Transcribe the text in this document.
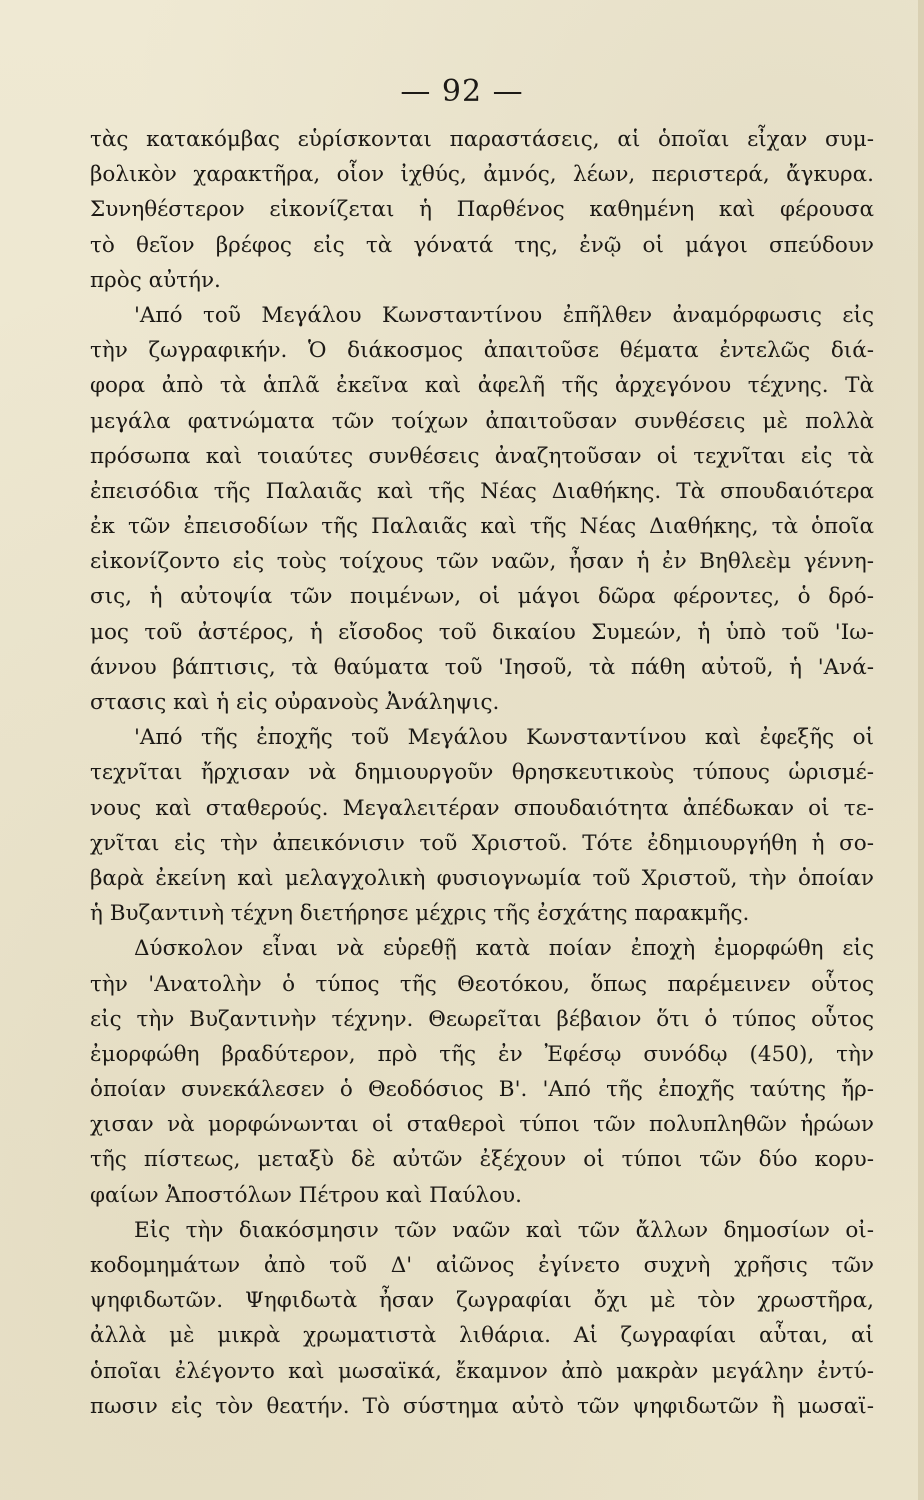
— 92 —
τὰς κατακόμβας εὑρίσκονται παραστάσεις, αἱ ὁποῖαι εἶχαν συμ-
βολικὸν χαρακτῆρα, οἷον ἰχθύς, ἀμνός, λέων, περιστερά, ἄγκυρα.
Συνηθέστερον εἰκονίζεται ἡ Παρθένος καθημένη καὶ φέρουσα
τὸ θεῖον βρέφος εἰς τὰ γόνατά της, ἐνῷ οἱ μάγοι σπεύδουν
πρὸς αὐτήν.
'Από τοῦ Μεγάλου Κωνσταντίνου ἐπῆλθεν ἀναμόρφωσις εἰς
τὴν ζωγραφικήν. Ὁ διάκοσμος ἀπαιτοῦσε θέματα ἐντελῶς διά-
φορα ἀπὸ τὰ ἁπλᾶ ἐκεῖνα καὶ ἀφελῆ τῆς ἀρχεγόνου τέχνης. Τὰ
μεγάλα φατνώματα τῶν τοίχων ἀπαιτοῦσαν συνθέσεις μὲ πολλὰ
πρόσωπα καὶ τοιαύτες συνθέσεις ἀναζητοῦσαν οἱ τεχνῖται εἰς τὰ
ἐπεισόδια τῆς Παλαιᾶς καὶ τῆς Νέας Διαθήκης. Τὰ σπουδαιότερα
ἐκ τῶν ἐπεισοδίων τῆς Παλαιᾶς καὶ τῆς Νέας Διαθήκης, τὰ ὁποῖα
εἰκονίζοντο εἰς τοὺς τοίχους τῶν ναῶν, ἦσαν ἡ ἐν Βηθλεὲμ γέννη-
σις, ἡ αὐτοψία τῶν ποιμένων, οἱ μάγοι δῶρα φέροντες, ὁ δρό-
μος τοῦ ἀστέρος, ἡ εἴσοδος τοῦ δικαίου Συμεών, ἡ ὑπὸ τοῦ 'Ιω-
άννου βάπτισις, τὰ θαύματα τοῦ 'Ιησοῦ, τὰ πάθη αὐτοῦ, ἡ 'Ανά-
στασις καὶ ἡ εἰς οὐρανοὺς Ἀνάληψις.
'Από τῆς ἐποχῆς τοῦ Μεγάλου Κωνσταντίνου καὶ ἐφεξῆς οἱ
τεχνῖται ἤρχισαν νὰ δημιουργοῦν θρησκευτικοὺς τύπους ὡρισμέ-
νους καὶ σταθερούς. Μεγαλειτέραν σπουδαιότητα ἀπέδωκαν οἱ τε-
χνῖται εἰς τὴν ἀπεικόνισιν τοῦ Χριστοῦ. Τότε ἐδημιουργήθη ἡ σο-
βαρὰ ἐκείνη καὶ μελαγχολικὴ φυσιογνωμία τοῦ Χριστοῦ, τὴν ὁποίαν
ἡ Βυζαντινὴ τέχνη διετήρησε μέχρις τῆς ἐσχάτης παρακμῆς.
Δύσκολον εἶναι νὰ εὑρεθῇ κατὰ ποίαν ἐποχὴ ἐμορφώθη εἰς
τὴν 'Ανατολὴν ὁ τύπος τῆς Θεοτόκου, ὅπως παρέμεινεν οὗτος
εἰς τὴν Βυζαντινὴν τέχνην. Θεωρεῖται βέβαιον ὅτι ὁ τύπος οὗτος
ἐμορφώθη βραδύτερον, πρὸ τῆς ἐν Ἐφέσῳ συνόδῳ (450), τὴν
ὁποίαν συνεκάλεσεν ὁ Θεοδόσιος Β'. 'Από τῆς ἐποχῆς ταύτης ἤρ-
χισαν νὰ μορφώνωνται οἱ σταθεροὶ τύποι τῶν πολυπληθῶν ἡρώων
τῆς πίστεως, μεταξὺ δὲ αὐτῶν ἐξέχουν οἱ τύποι τῶν δύο κορυ-
φαίων Ἀποστόλων Πέτρου καὶ Παύλου.
Εἰς τὴν διακόσμησιν τῶν ναῶν καὶ τῶν ἄλλων δημοσίων οἰ-
κοδομημάτων ἀπὸ τοῦ Δ' αἰῶνος ἐγίνετο συχνὴ χρῆσις τῶν
ψηφιδωτῶν. Ψηφιδωτὰ ἦσαν ζωγραφίαι ὄχι μὲ τὸν χρωστῆρα,
ἀλλὰ μὲ μικρὰ χρωματιστὰ λιθάρια. Αἱ ζωγραφίαι αὗται, αἱ
ὁποῖαι ἐλέγοντο καὶ μωσαϊκά, ἔκαμνον ἀπὸ μακρὰν μεγάλην ἐντύ-
πωσιν εἰς τὸν θεατήν. Τὸ σύστημα αὐτὸ τῶν ψηφιδωτῶν ἢ μωσαϊ-
